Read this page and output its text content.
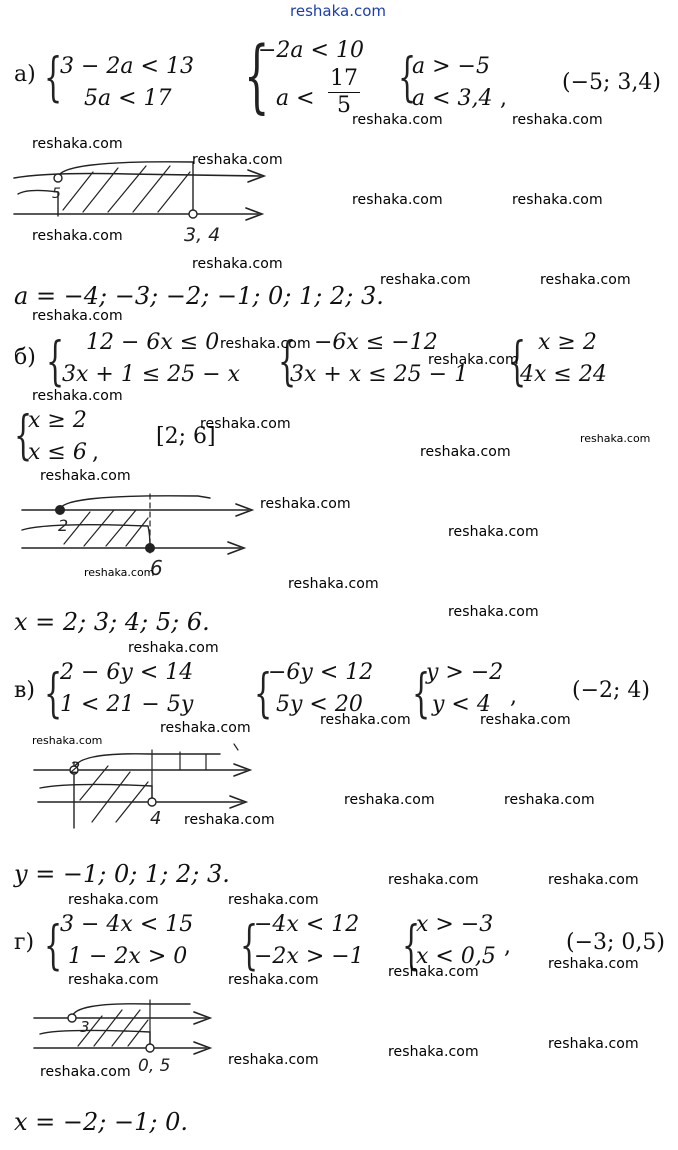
reshaka.com
а) {
3 − 2a < 13
5a < 17 {
−2a < 10
$a < \frac{17}{5}$ {
a > −5
a < 3,4 ,
(−5; 3,4)
5
3, 4
a = −4; −3; −2; −1; 0; 1; 2; 3.
б) { 12 − 6x ≤ 0
3x + 1 ≤ 25 − x { −6x ≤ −12
3x + x ≤ 25 − 1 { x ≥ 2
4x ≤ 24
{
x ≥ 2
x ≤ 6 ,
[2; 6]
2
6
x = 2; 3; 4; 5; 6.
в) {
2 − 6y < 14
1 < 21 − 5y {
−6y < 12
5y < 20 {
y > −2
y < 4 ,	(−2; 4)
2
4
y = −1; 0; 1; 2; 3.
г) {
3 − 4x < 15
1 − 2x > 0 {
−4x < 12
−2x > −1 {
x > −3
x < 0,5 ,	(−3; 0,5)
3
0, 5
x = −2; −1; 0.
reshaka.com	reshaka.com
reshaka.com
reshaka.com
reshaka.com	reshaka.com
reshaka.com
reshaka.com
reshaka.com	reshaka.com
reshaka.com
reshaka.com
reshaka.com
reshaka.com
reshaka.com
reshaka.com
reshaka.com
reshaka.com
reshaka.com
reshaka.com
reshaka.com
reshaka.com
reshaka.com
reshaka.com
reshaka.com	reshaka.com	reshaka.com
reshaka.com
reshaka.com	reshaka.com
reshaka.com
reshaka.com	reshaka.com
reshaka.com	reshaka.com
reshaka.com	reshaka.com
reshaka.com	reshaka.com
reshaka.com
reshaka.com
reshaka.com
reshaka.com
